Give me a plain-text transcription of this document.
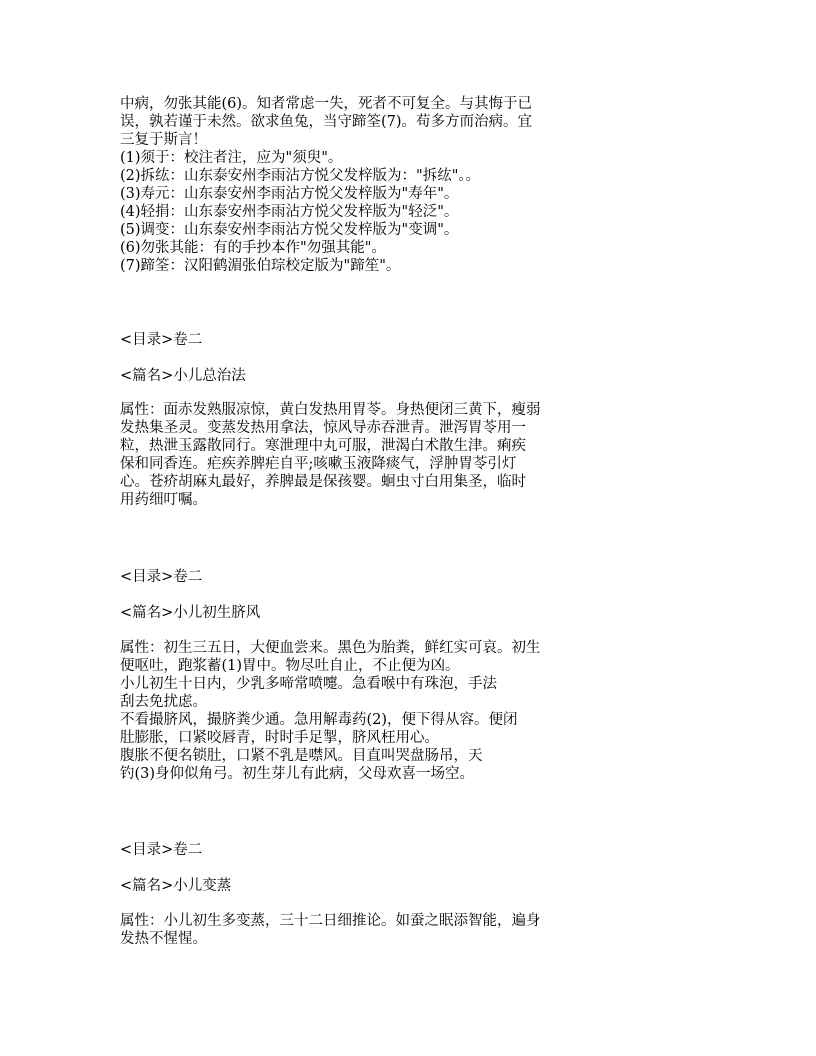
中病，勿张其能(6)。知者常虑一失，死者不可复全。与其悔于已
误，孰若谨于未然。欲求鱼兔，当守蹄筌(7)。苟多方而治病。宜
三复于斯言！
(1)须于：校注者注，应为"须臾"。
(2)拆纮：山东泰安州李雨沾方悦父发梓版为："拆纮"。。
(3)寿元：山东泰安州李雨沾方悦父发梓版为"寿年"。
(4)轻捐：山东泰安州李雨沾方悦父发梓版为"轻泛"。
(5)调变：山东泰安州李雨沾方悦父发梓版为"变调"。
(6)勿张其能：有的手抄本作"勿强其能"。
(7)蹄筌：汉阳鹤湄张伯琮校定版为"蹄笙"。
<目录>卷二
<篇名>小儿总治法
属性：面赤发熟服凉惊，黄白发热用胃苓。身热便闭三黄下，瘦弱
发热集圣灵。变蒸发热用拿法，惊风导赤吞泄青。泄泻胃苓用一
粒，热泄玉露散同行。寒泄理中丸可服，泄渴白术散生津。痢疾
保和同香连。疟疾养脾疟自平;咳嗽玉液降痰气，浮肿胃苓引灯
心。苍疥胡麻丸最好，养脾最是保孩婴。蛔虫寸白用集圣，临时
用药细叮嘱。
<目录>卷二
<篇名>小儿初生脐风
属性：初生三五日，大便血尝来。黑色为胎粪，鲜红实可哀。初生
便呕吐，跑浆蓄(1)胃中。物尽吐自止，不止便为凶。
小儿初生十日内，少乳多啼常喷嚏。急看喉中有珠泡，手法
刮去免扰虑。
不看撮脐风，撮脐粪少通。急用解毒药(2)，便下得从容。便闭
肚膨胀，口紧咬唇青，时时手足掣，脐风枉用心。
腹胀不便名锁肚，口紧不乳是噤风。目直叫哭盘肠吊，天
钓(3)身仰似角弓。初生芽儿有此病，父母欢喜一场空。
<目录>卷二
<篇名>小儿变蒸
属性：小儿初生多变蒸，三十二日细推论。如蚕之眠添智能，遍身
发热不惺惺。
